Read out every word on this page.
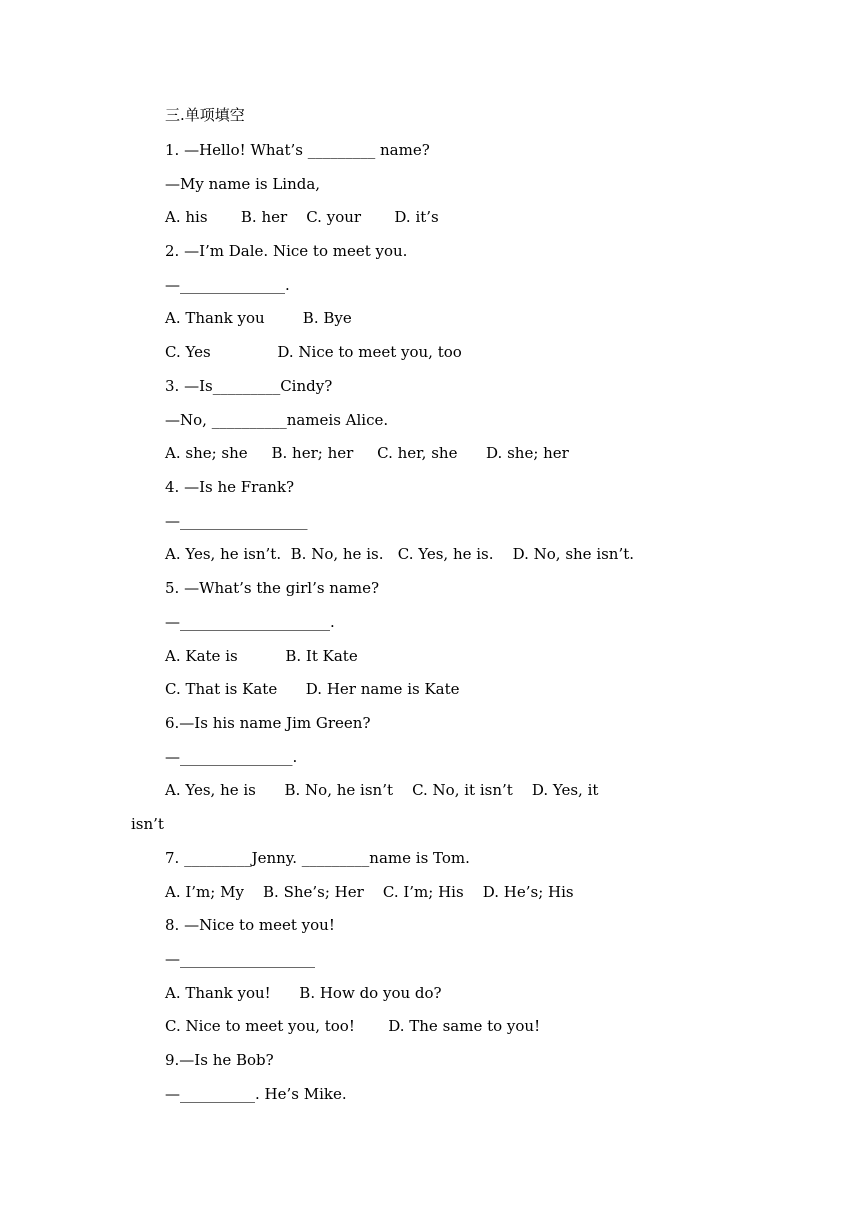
三.单项填空
1. —Hello! What’s _________ name?
—My name is Linda,
A. his       B. her    C. your       D. it’s
2. —I’m Dale. Nice to meet you.
—______________.
A. Thank you        B. Bye
C. Yes              D. Nice to meet you, too
3. —Is_________Cindy?
—No, __________nameis Alice.
A. she; she     B. her; her     C. her, she      D. she; her
4. —Is he Frank?
—_________________
A. Yes, he isn’t.  B. No, he is.   C. Yes, he is.    D. No, she isn’t.
5. —What’s the girl’s name?
—____________________.
A. Kate is          B. It Kate
C. That is Kate      D. Her name is Kate
6.—Is his name Jim Green?
—_______________.
A. Yes, he is      B. No, he isn’t    C. No, it isn’t    D. Yes, it
isn’t
7. _________Jenny. _________name is Tom.
A. I’m; My    B. She’s; Her    C. I’m; His    D. He’s; His
8. —Nice to meet you!
—__________________
A. Thank you!      B. How do you do?
C. Nice to meet you, too!       D. The same to you!
9.—Is he Bob?
—__________. He’s Mike.
